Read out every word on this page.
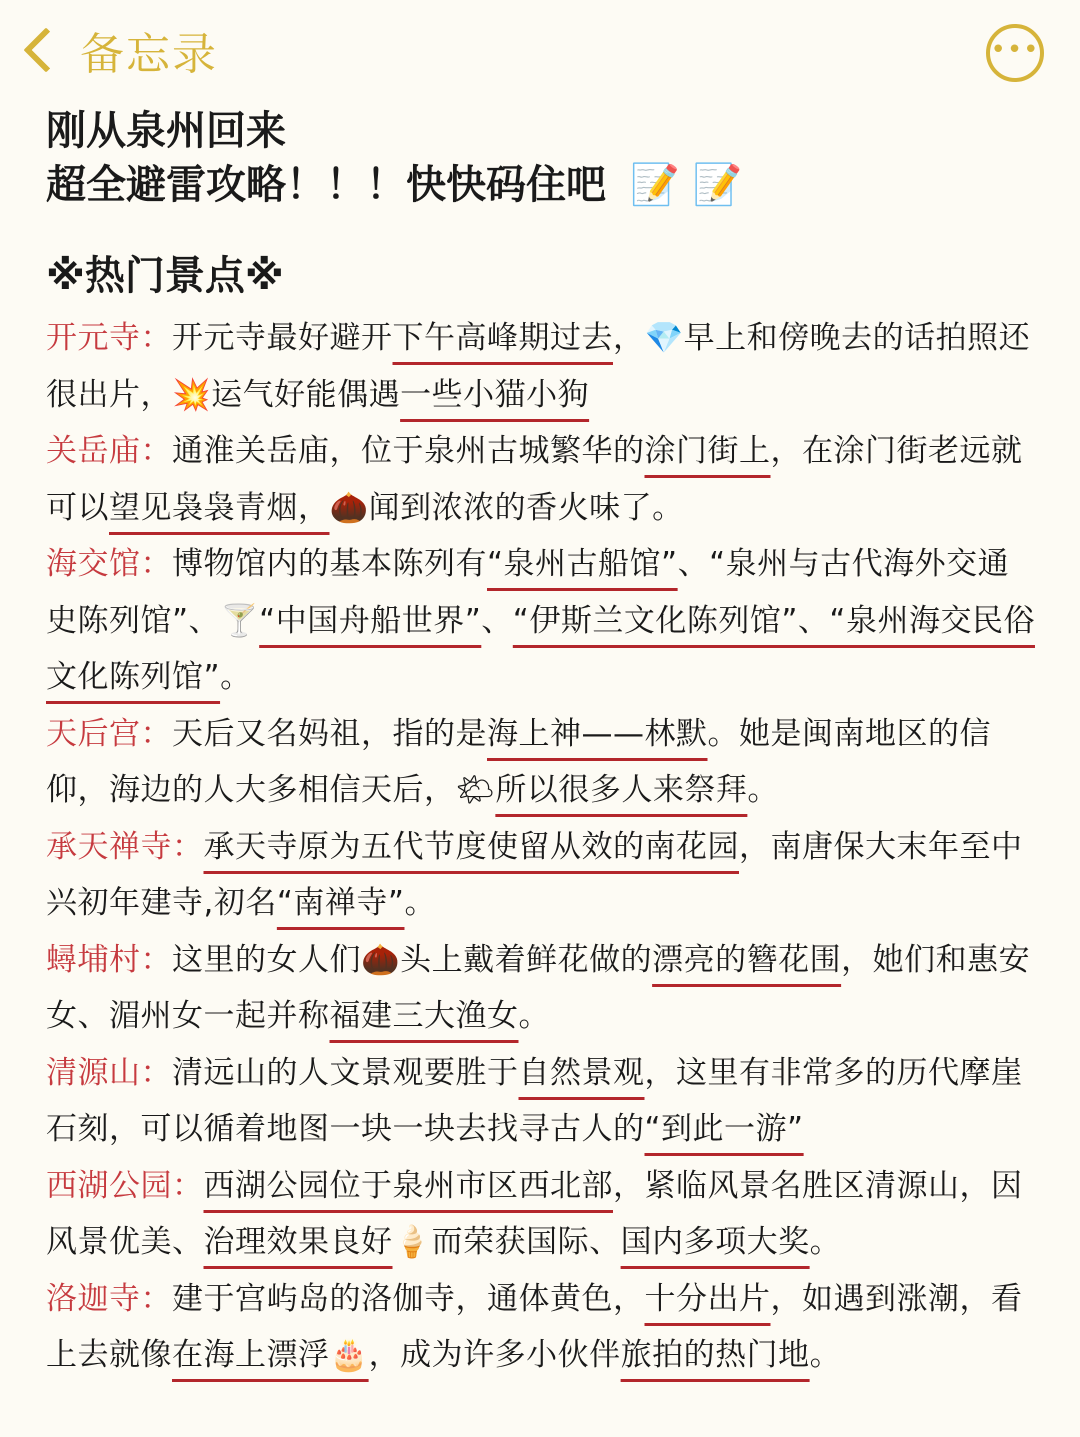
备忘录	•••
刚从泉州回来
超全避雷攻略！！！快快码住吧 📝 📝
※热门景点※

开元寺：开元寺最好避开下午高峰期过去，💎早上和傍晚去的话拍照还很出片，💥运气好能偶遇一些小猫小狗

关岳庙：通淮关岳庙，位于泉州古城繁华的涂门街上，在涂门街老远就可以望见袅袅青烟，🌰闻到浓浓的香火味了。

海交馆：博物馆内的基本陈列有“泉州古船馆”、“泉州与古代海外交通史陈列馆”、🍸“中国舟船世界”、“伊斯兰文化陈列馆”、“泉州海交民俗文化陈列馆”。

天后宫：天后又名妈祖，指的是海上神——林默。她是闽南地区的信仰，海边的人大多相信天后，🌤所以很多人来祭拜。

承天禅寺：承天寺原为五代节度使留从效的南花园，南唐保大末年至中兴初年建寺,初名“南禅寺”。

蟳埔村：这里的女人们🌰头上戴着鲜花做的漂亮的簪花围，她们和惠安女、湄州女一起并称福建三大渔女。

清源山：清远山的人文景观要胜于自然景观，这里有非常多的历代摩崖石刻，可以循着地图一块一块去找寻古人的“到此一游”

西湖公园：西湖公园位于泉州市区西北部，紧临风景名胜区清源山，因风景优美、治理效果良好🍦而荣获国际、国内多项大奖。

洛迦寺：建于宫屿岛的洛伽寺，通体黄色，十分出片，如遇到涨潮，看上去就像在海上漂浮🎂，成为许多小伙伴旅拍的热门地。
